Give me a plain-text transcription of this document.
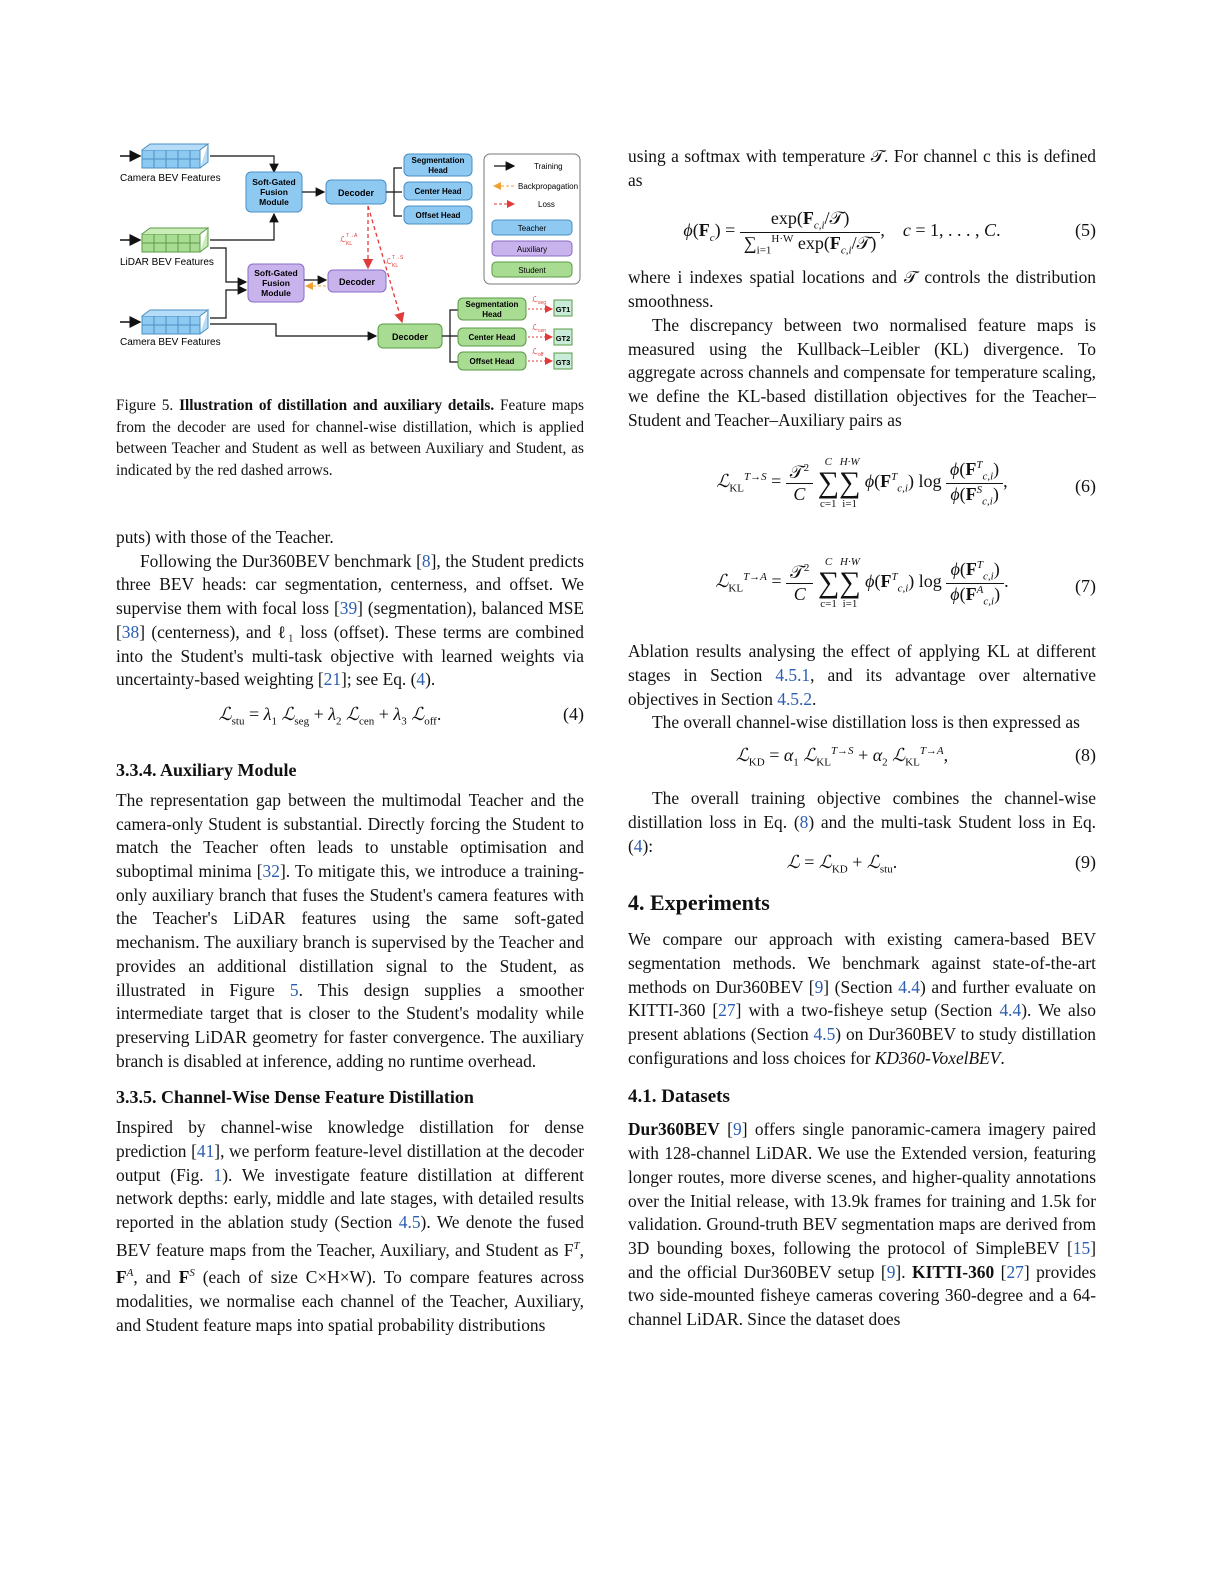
Camera BEV Features
LiDAR BEV Features
Camera BEV Features
Soft-Gated
Fusion
Module
Decoder
Segmentation
Head
Center Head
Offset Head
Soft-Gated
Fusion
Module
Decoder
Decoder
Segmentation
Head
Center Head
Offset Head
GT1
GT2
GT3
ℒ seg
ℒ cen
ℒ off
ℒ T→A
KL
ℒ T→S
KL
Training
Backpropagation
Loss
Teacher
Auxiliary
Student

Figure 5. Illustration of distillation and auxiliary details. Feature maps from the decoder are used for channel-wise distillation, which is applied between Teacher and Student as well as between Auxiliary and Student, as indicated by the red dashed arrows.

puts) with those of the Teacher.

Following the Dur360BEV benchmark [8], the Student predicts three BEV heads: car segmentation, centerness, and offset. We supervise them with focal loss [39] (segmentation), balanced MSE [38] (centerness), and ℓ₁ loss (offset). These terms are combined into the Student's multi-task objective with learned weights via uncertainty-based weighting [21]; see Eq. (4).

ℒ$_{stu}$ = $\lambda_1$ ℒ$_{seg}$ + $\lambda_2$ ℒ$_{cen}$ + $\lambda_3$ ℒ$_{off}$.	(4)
3.3.4. Auxiliary Module

The representation gap between the multimodal Teacher and the camera-only Student is substantial. Directly forcing the Student to match the Teacher often leads to unstable optimisation and suboptimal minima [32]. To mitigate this, we introduce a training-only auxiliary branch that fuses the Student's camera features with the Teacher's LiDAR features using the same soft-gated mechanism. The auxiliary branch is supervised by the Teacher and provides an additional distillation signal to the Student, as illustrated in Figure 5. This design supplies a smoother intermediate target that is closer to the Student's modality while preserving LiDAR geometry for faster convergence. The auxiliary branch is disabled at inference, adding no runtime overhead.

3.3.5. Channel-Wise Dense Feature Distillation

Inspired by channel-wise knowledge distillation for dense prediction [41], we perform feature-level distillation at the decoder output (Fig. 1). We investigate feature distillation at different network depths: early, middle and late stages, with detailed results reported in the ablation study (Section 4.5). We denote the fused BEV feature maps from the Teacher, Auxiliary, and Student as $F^T$, $F^A$, and $F^S$ (each of size C×H×W). To compare features across modalities, we normalise each channel of the Teacher, Auxiliary, and Student feature maps into spatial probability distributions

using a softmax with temperature 𝒯. For channel c this is defined as

$\phi(F_c) = \frac{\exp(F_{c,i}/𝒯)}{\sum_{i=1}^{H\cdot W} \exp(F_{c,i}/𝒯)}$ ,    c = 1, . . . , C.	(5)

where i indexes spatial locations and 𝒯 controls the distribution smoothness.

The discrepancy between two normalised feature maps is measured using the Kullback–Leibler (KL) divergence. To aggregate across channels and compensate for temperature scaling, we define the KL-based distillation objectives for the Teacher–Student and Teacher–Auxiliary pairs as

ℒ$_{KL}^{T\to S}$ = $\frac{𝒯^2}{C}$ C
∑
c=1H·W
∑
i=1 $\phi(F^T_{c,i})$ $\log \frac{\phi(F^T_{c,i})}{\phi(F^S_{c,i})}$ ,	(6)
ℒ$_{KL}^{T\to A}$ = $\frac{𝒯^2}{C}$ C
∑
c=1H·W
∑
i=1 $\phi(F^T_{c,i})$ $\log \frac{\phi(F^T_{c,i})}{\phi(F^A_{c,i})}$ .	(7)

Ablation results analysing the effect of applying KL at different stages in Section 4.5.1, and its advantage over alternative objectives in Section 4.5.2.

The overall channel-wise distillation loss is then expressed as

ℒ$_{KD}$ = $\alpha_1$ ℒ$_{KL}^{T\to S}$ + $\alpha_2$ ℒ$_{KL}^{T\to A}$,	(8)

The overall training objective combines the channel-wise distillation loss in Eq. (8) and the multi-task Student loss in Eq. (4):

ℒ = ℒ$_{KD}$ + ℒ$_{stu}$.	(9)
4. Experiments

We compare our approach with existing camera-based BEV segmentation methods. We benchmark against state-of-the-art methods on Dur360BEV [9] (Section 4.4) and further evaluate on KITTI-360 [27] with a two-fisheye setup (Section 4.4). We also present ablations (Section 4.5) on Dur360BEV to study distillation configurations and loss choices for KD360-VoxelBEV.

4.1. Datasets

Dur360BEV [9] offers single panoramic-camera imagery paired with 128-channel LiDAR. We use the Extended version, featuring longer routes, more diverse scenes, and higher-quality annotations over the Initial release, with 13.9k frames for training and 1.5k for validation. Ground-truth BEV segmentation maps are derived from 3D bounding boxes, following the protocol of SimpleBEV [15] and the official Dur360BEV setup [9]. KITTI-360 [27] provides two side-mounted fisheye cameras covering 360-degree and a 64-channel LiDAR. Since the dataset does
